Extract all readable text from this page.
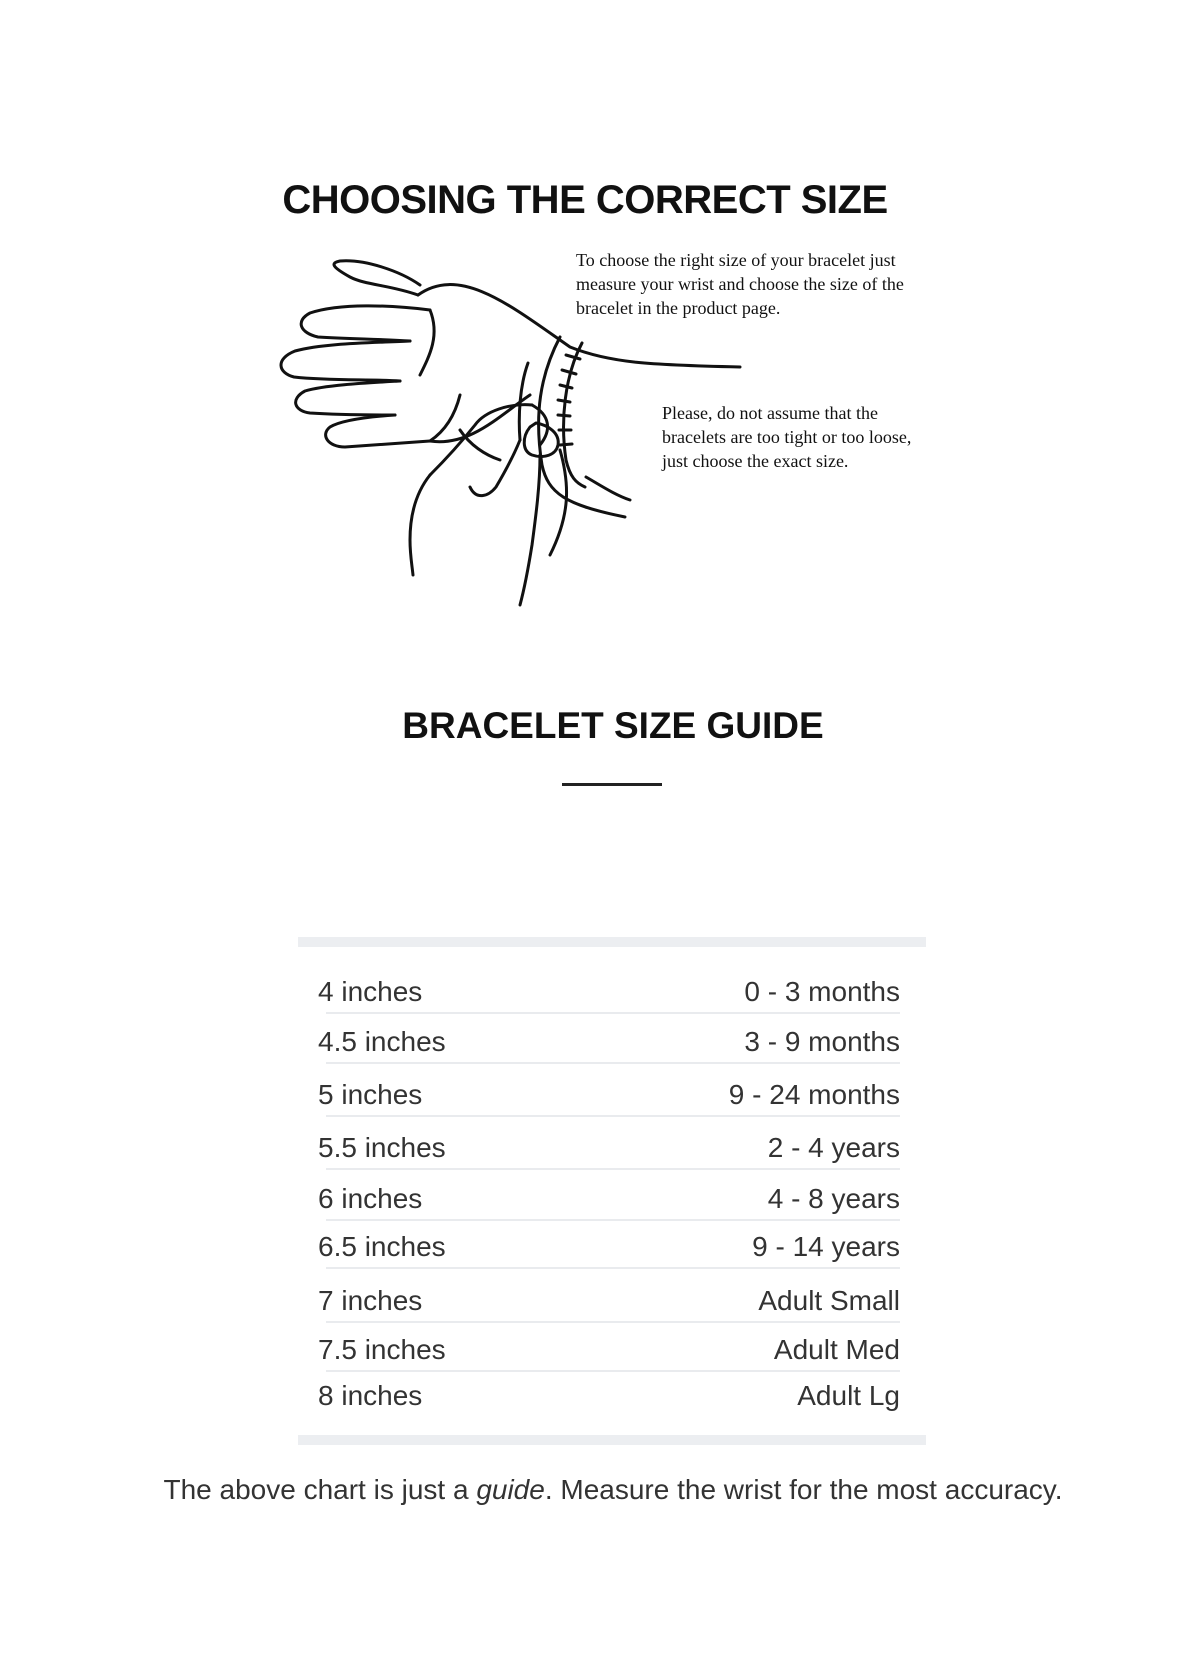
CHOOSING THE CORRECT SIZE
To choose the right size of your bracelet just measure your wrist and choose the size of the bracelet in the product page.
Please, do not assume that the bracelets are too tight or too loose, just choose the exact size.
BRACELET SIZE GUIDE
4 inches	0 - 3 months
4.5 inches	3 - 9 months
5 inches	9 - 24 months
5.5 inches	2 - 4 years
6 inches	4 - 8 years
6.5 inches	9 - 14 years
7 inches	Adult Small
7.5 inches	Adult Med
8 inches	Adult Lg
The above chart is just a guide. Measure the wrist for the most accuracy.
